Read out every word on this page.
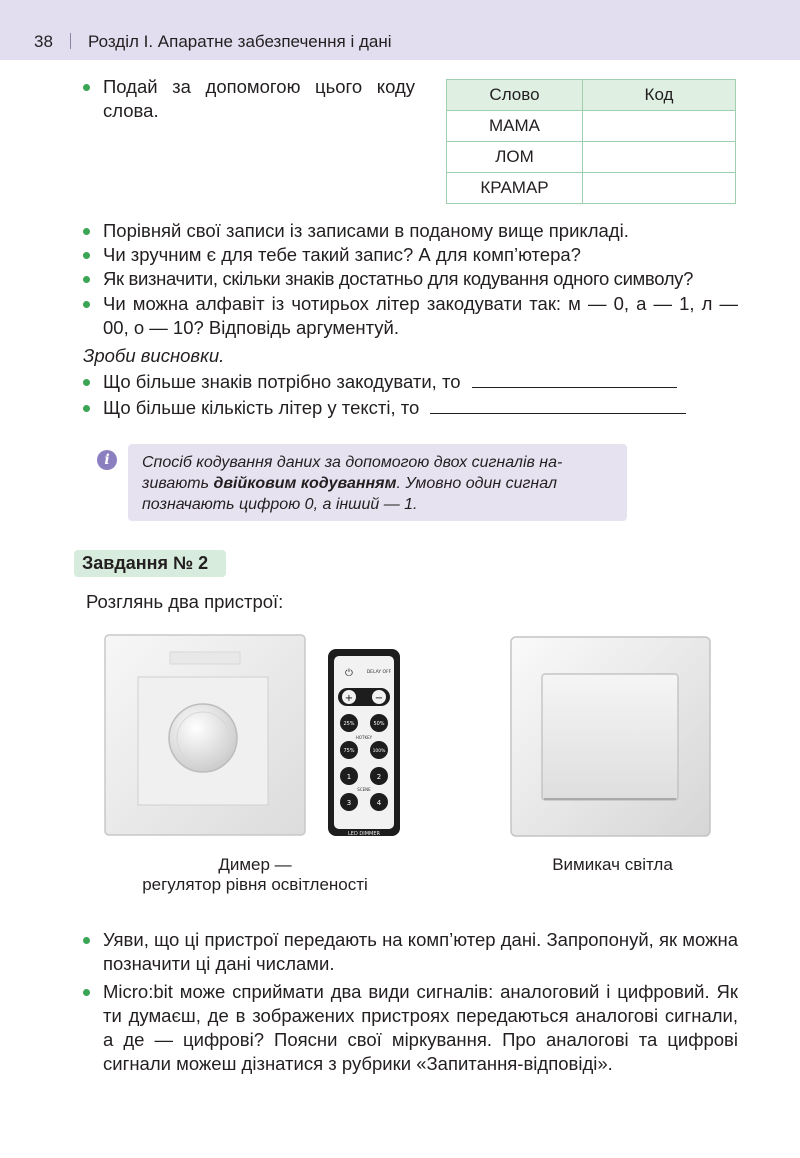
38 Розділ І. Апаратне забезпечення і дані
Подай за допомогою цього коду слова.
Слово	Код
МАМА	
ЛОМ	
КРАМАР	
Порівняй свої записи із записами в поданому вище прикладі.
Чи зручним є для тебе такий запис? А для комп’ютера?
Як визначити, скільки знаків достатньо для кодування одного символу?
Чи можна алфавіт із чотирьох літер закодувати так: м — 0, а — 1, л — 00, о — 10? Відповідь аргументуй.
Зроби висновки.
Що більше знаків потрібно закодувати, то
Що більше кількість літер у тексті, то
i	Спосіб кодування даних за допомогою двох сигналів називають двійковим кодуванням. Умовно один сигнал позначають цифрою 0, а інший — 1.
Завдання № 2
Розглянь два пристрої:
⏻	DELAY OFF
+ −
25%	50%
HOTKEY
75%	100%
1	2
SCENE
3	4
LED DIMMER
Димер —
регулятор рівня освітленості
Вимикач світла
Уяви, що ці пристрої передають на комп’ютер дані. Запропонуй, як можна позначити ці дані числами.
Micro:bit може сприймати два види сигналів: аналоговий і цифровий. Як ти думаєш, де в зображених пристроях передаються аналогові сигнали, а де — цифрові? Поясни свої міркування. Про аналогові та цифрові сигнали можеш дізнатися з рубрики «Запитання-відповіді».
